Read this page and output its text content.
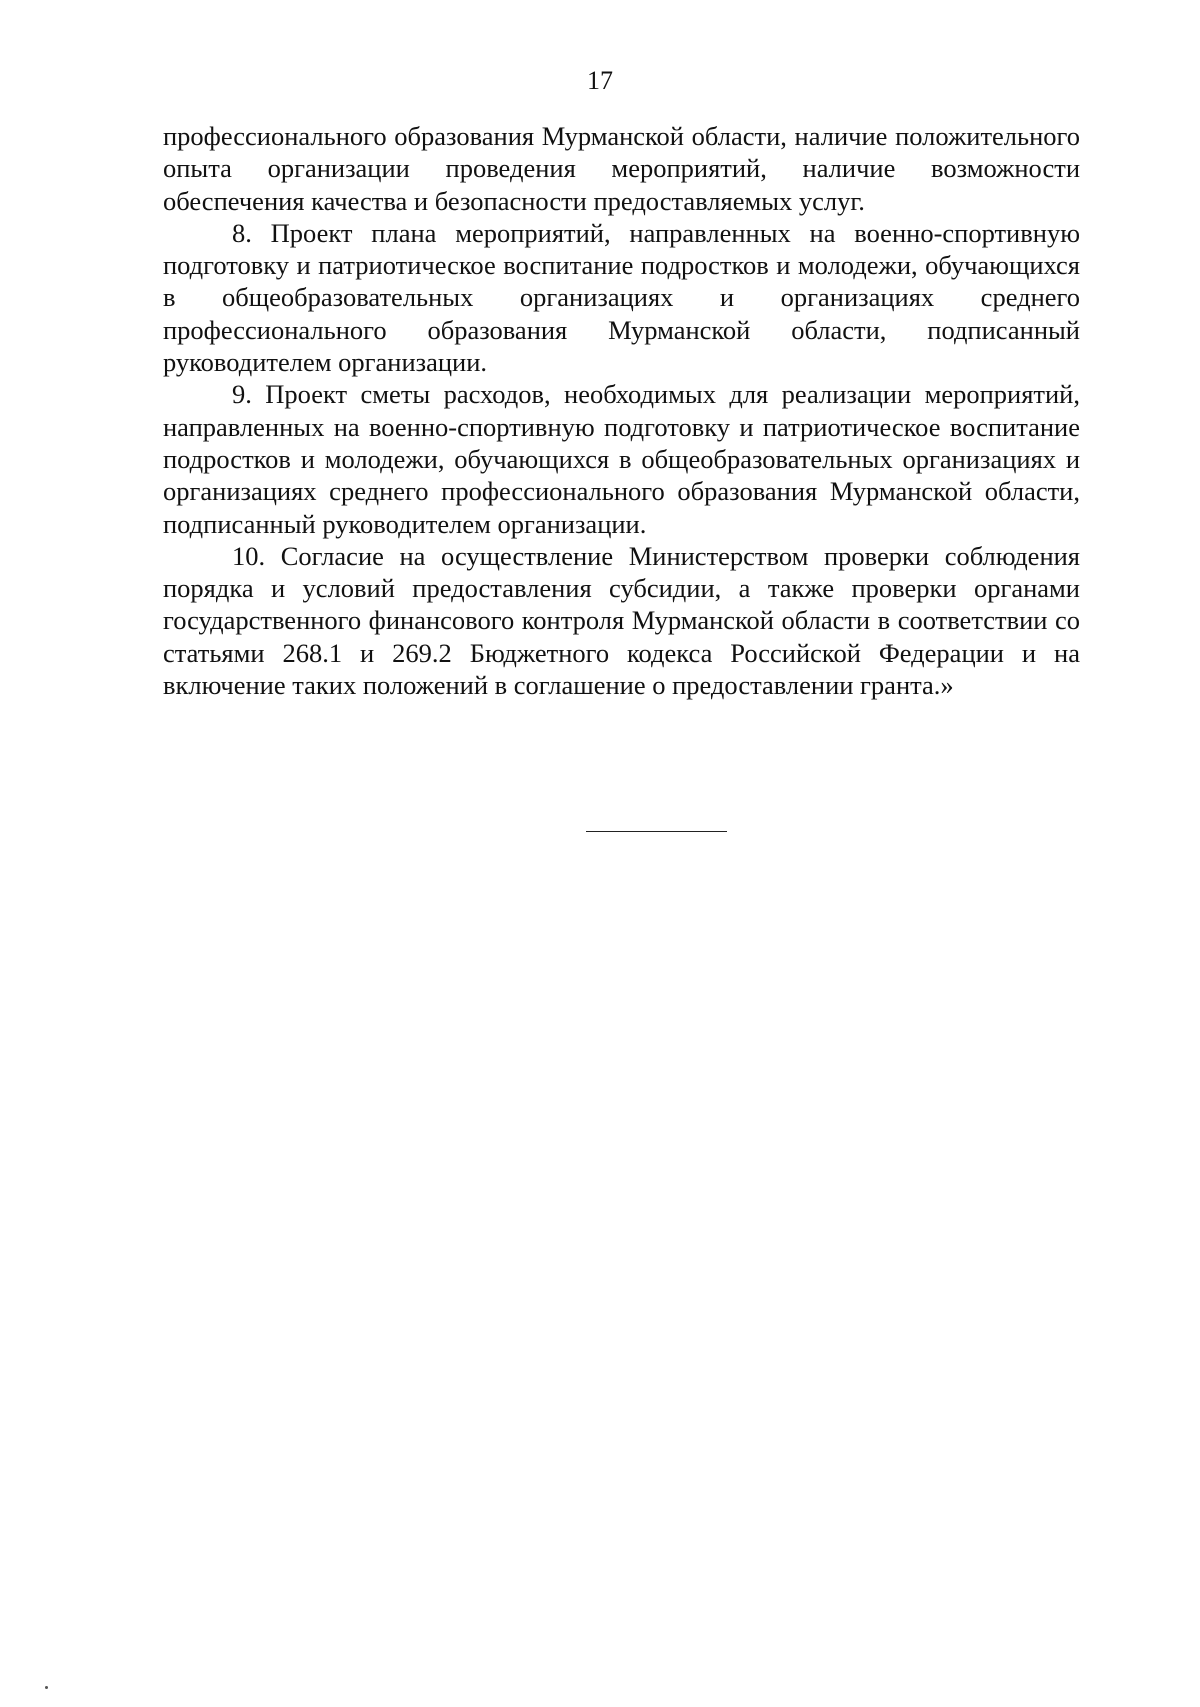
17

профессионального образования Мурманской области, наличие положительного опыта организации проведения мероприятий, наличие возможности обеспечения качества и безопасности предоставляемых услуг.

8. Проект плана мероприятий, направленных на военно-спортивную подготовку и патриотическое воспитание подростков и молодежи, обучающихся в общеобразовательных организациях и организациях среднего профессионального образования Мурманской области, подписанный руководителем организации.

9. Проект сметы расходов, необходимых для реализации мероприятий, направленных на военно-спортивную подготовку и патриотическое воспитание подростков и молодежи, обучающихся в общеобразовательных организациях и организациях среднего профессионального образования Мурманской области, подписанный руководителем организации.

10. Согласие на осуществление Министерством проверки соблюдения порядка и условий предоставления субсидии, а также проверки органами государственного финансового контроля Мурманской области в соответствии со статьями 268.1 и 269.2 Бюджетного кодекса Российской Федерации и на включение таких положений в соглашение о предоставлении гранта.»
